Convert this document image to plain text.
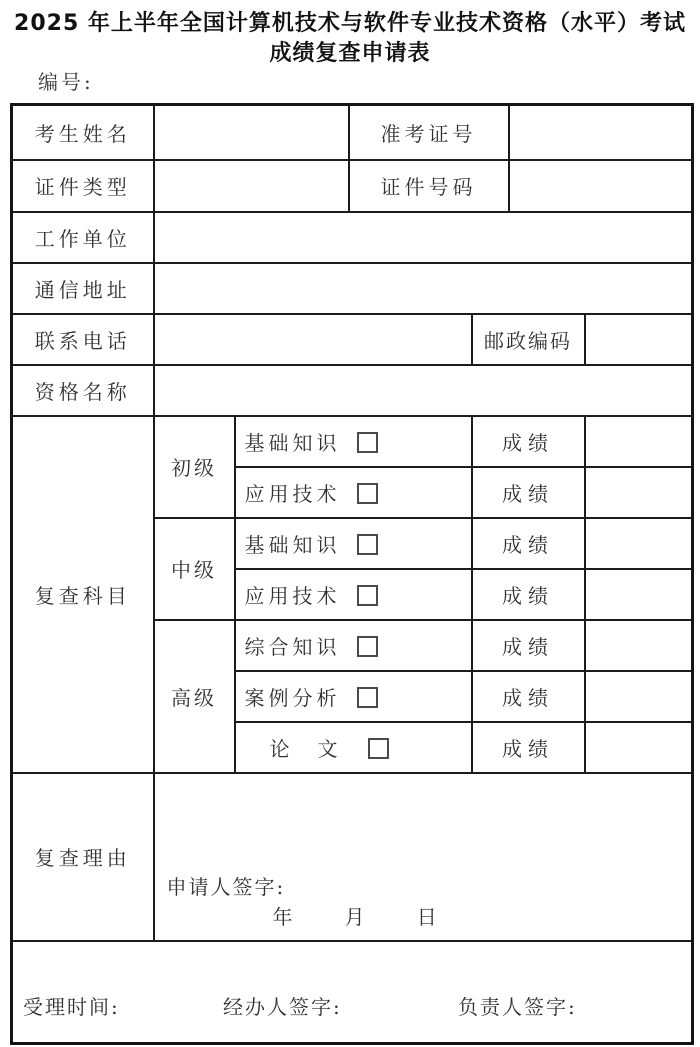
2025 年上半年全国计算机技术与软件专业技术资格（水平）考试
成绩复查申请表
编号:
考生姓名			准考证号			
证件类型			证件号码			
工作单位						
通信地址						
联系电话				邮政编码		
资格名称						
复查科目	初级	基础知识		成绩		
		应用技术		成绩		
	中级	基础知识		成绩		
		应用技术		成绩		
	高级	综合知识		成绩		
		案例分析		成绩		
		论　文		成绩		
复查理由	申请人签字:
年      月      日					

受理时间: 经办人签字: 负责人签字:						
